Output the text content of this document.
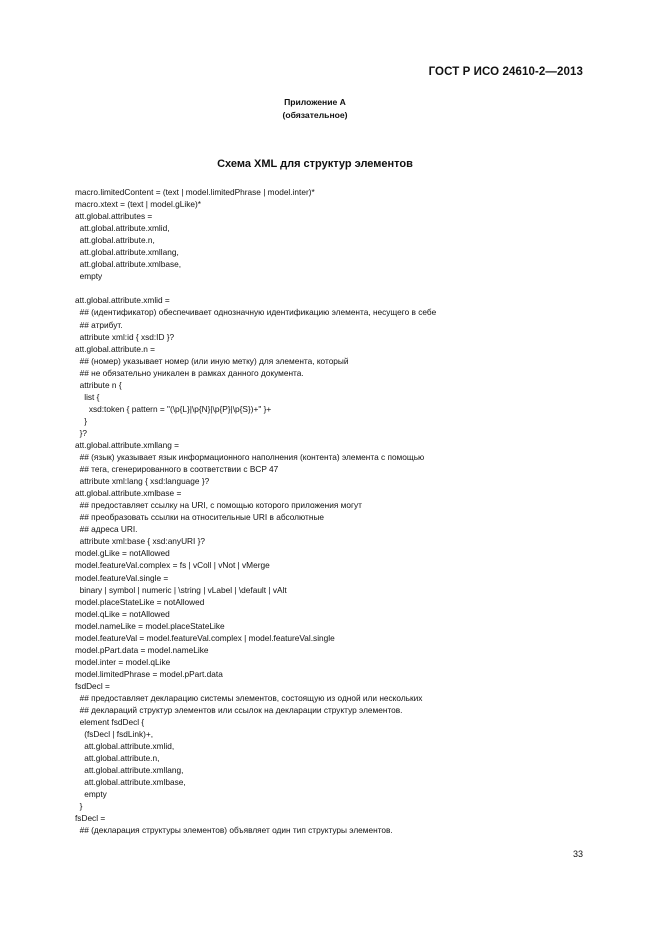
ГОСТ Р ИСО 24610-2—2013
Приложение А
(обязательное)
Схема XML для структур элементов
macro.limitedContent = (text | model.limitedPhrase | model.inter)*
macro.xtext = (text | model.gLike)*
att.global.attributes =
att.global.attribute.xmlid,
att.global.attribute.n,
att.global.attribute.xmllang,
att.global.attribute.xmlbase,
empty
att.global.attribute.xmlid =
## (идентификатор) обеспечивает однозначную идентификацию элемента, несущего в себе
## атрибут.
attribute xml:id { xsd:ID }?
att.global.attribute.n =
## (номер) указывает номер (или иную метку) для элемента, который
## не обязательно уникален в рамках данного документа.
attribute n {
list {
xsd:token { pattern = "(\p{L}|\p{N}|\p{P}|\p{S})+" }+
}
}?
att.global.attribute.xmllang =
## (язык) указывает язык информационного наполнения (контента) элемента с помощью
## тега, сгенерированного в соответствии с BCP 47
attribute xml:lang { xsd:language }?
att.global.attribute.xmlbase =
## предоставляет ссылку на URI, с помощью которого приложения могут
## преобразовать ссылки на относительные URI в абсолютные
## адреса URI.
attribute xml:base { xsd:anyURI }?
model.gLike = notAllowed
model.featureVal.complex = fs | vColl | vNot | vMerge
model.featureVal.single =
binary | symbol | numeric | \string | vLabel | \default | vAlt
model.placeStateLike = notAllowed
model.qLike = notAllowed
model.nameLike = model.placeStateLike
model.featureVal = model.featureVal.complex | model.featureVal.single
model.pPart.data = model.nameLike
model.inter = model.qLike
model.limitedPhrase = model.pPart.data
fsdDecl =
## предоставляет декларацию системы элементов, состоящую из одной или нескольких
## деклараций структур элементов или ссылок на декларации структур элементов.
element fsdDecl {
(fsDecl | fsdLink)+,
att.global.attribute.xmlid,
att.global.attribute.n,
att.global.attribute.xmllang,
att.global.attribute.xmlbase,
empty
}
fsDecl =
## (декларация структуры элементов) объявляет один тип структуры элементов.
33
